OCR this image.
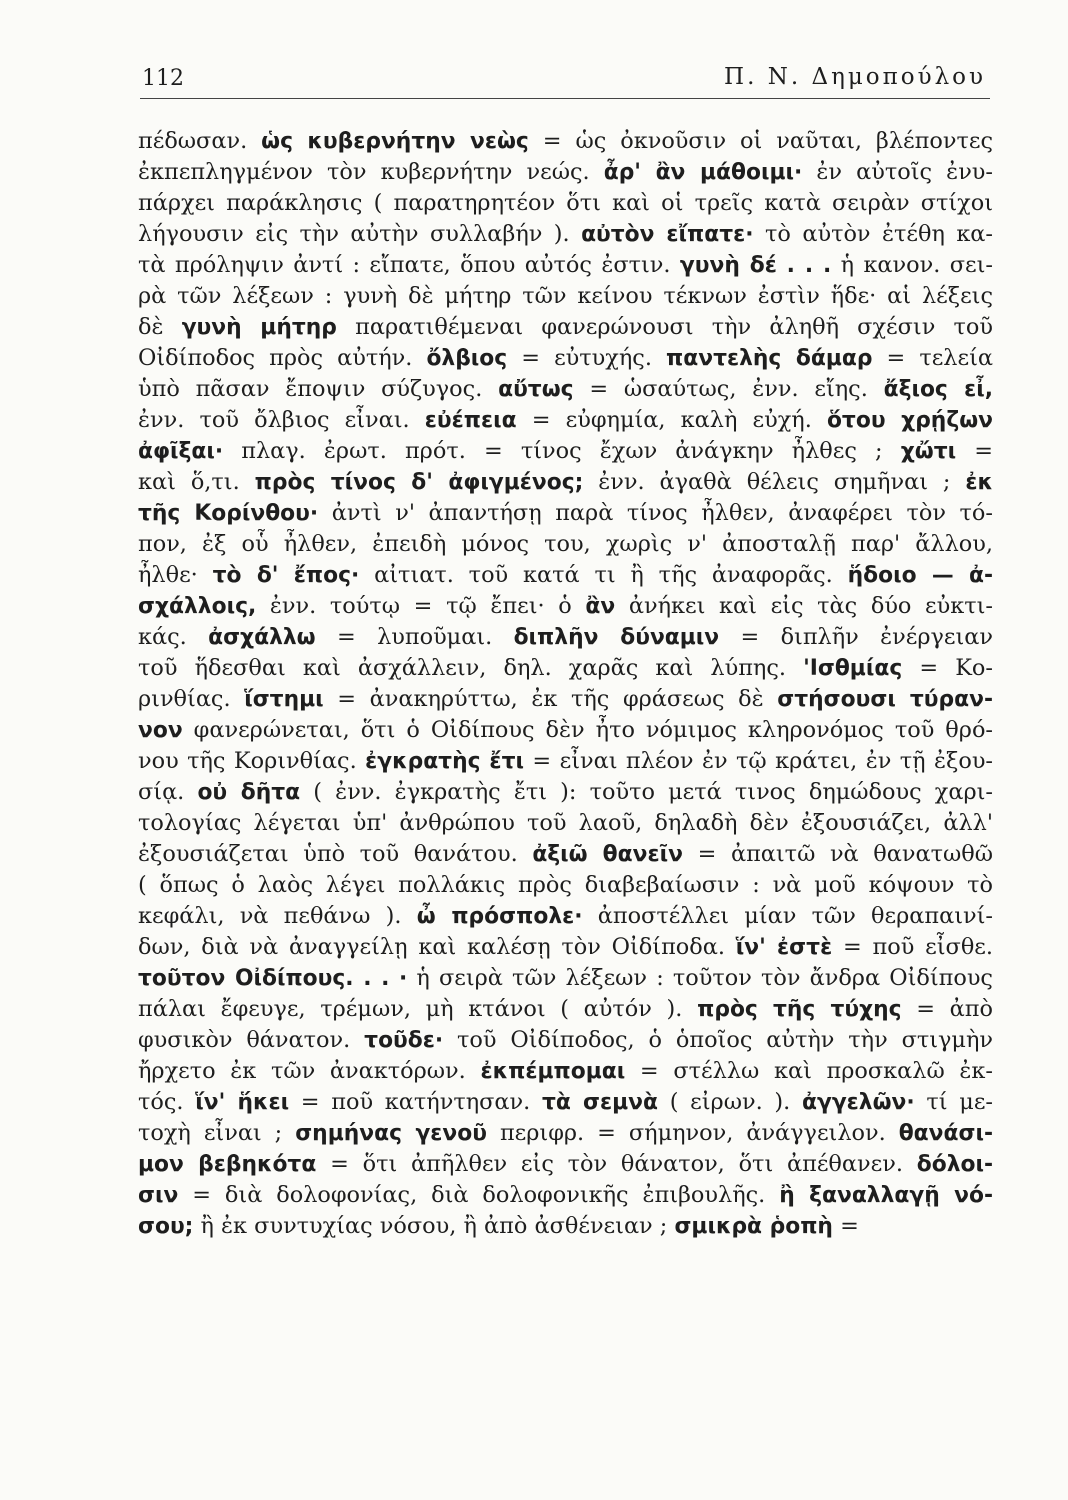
112	Π. Ν. Δημοπούλου
πέδωσαν. ὡς κυβερνήτην νεὼς = ὡς ὀκνοῦσιν οἱ ναῦται, βλέποντες
ἐκπεπληγμένον τὸν κυβερνήτην νεώς. ἆρ' ἂν μάθοιμι· ἐν αὐτοῖς ἐνυ-
πάρχει παράκλησις ( παρατηρητέον ὅτι καὶ οἱ τρεῖς κατὰ σειρὰν στίχοι
λήγουσιν εἰς τὴν αὐτὴν συλλαβήν ). αὐτὸν εἴπατε· τὸ αὐτὸν ἐτέθη κα-
τὰ πρόληψιν ἀντί : εἴπατε, ὅπου αὐτός ἐστιν. γυνὴ δέ . . . ἡ κανον. σει-
ρὰ τῶν λέξεων : γυνὴ δὲ μήτηρ τῶν κείνου τέκνων ἐστὶν ἥδε· αἱ λέξεις
δὲ γυνὴ μήτηρ παρατιθέμεναι φανερώνουσι τὴν ἀληθῆ σχέσιν τοῦ
Οἰδίποδος πρὸς αὐτήν. ὄλβιος = εὐτυχής. παντελὴς δάμαρ = τελεία
ὑπὸ πᾶσαν ἔποψιν σύζυγος. αὔτως = ὡσαύτως, ἐνν. εἴης. ἄξιος εἶ,
ἐνν. τοῦ ὄλβιος εἶναι. εὐέπεια = εὐφημία, καλὴ εὐχή. ὅτου χρῄζων
ἀφῖξαι· πλαγ. ἐρωτ. πρότ. = τίνος ἔχων ἀνάγκην ἦλθες ; χὤτι =
καὶ ὅ,τι. πρὸς τίνος δ' ἀφιγμένος; ἐνν. ἀγαθὰ θέλεις σημῆναι ; ἐκ
τῆς Κορίνθου· ἀντὶ ν' ἀπαντήσῃ παρὰ τίνος ἦλθεν, ἀναφέρει τὸν τό-
πον, ἐξ οὗ ἦλθεν, ἐπειδὴ μόνος του, χωρὶς ν' ἀποσταλῇ παρ' ἄλλου,
ἦλθε· τὸ δ' ἔπος· αἰτιατ. τοῦ κατά τι ἢ τῆς ἀναφορᾶς. ἥδοιο — ἀ-
σχάλλοις, ἐνν. τούτῳ = τῷ ἔπει· ὁ ἂν ἀνήκει καὶ εἰς τὰς δύο εὐκτι-
κάς. ἀσχάλλω = λυποῦμαι. διπλῆν δύναμιν = διπλῆν ἐνέργειαν
τοῦ ἥδεσθαι καὶ ἀσχάλλειν, δηλ. χαρᾶς καὶ λύπης. 'Ισθμίας = Κο-
ρινθίας. ἵστημι = ἀνακηρύττω, ἐκ τῆς φράσεως δὲ στήσουσι τύραν-
νον φανερώνεται, ὅτι ὁ Οἰδίπους δὲν ἦτο νόμιμος κληρονόμος τοῦ θρό-
νου τῆς Κορινθίας. ἐγκρατὴς ἔτι = εἶναι πλέον ἐν τῷ κράτει, ἐν τῇ ἐξου-
σίᾳ. οὐ δῆτα ( ἐνν. ἐγκρατὴς ἔτι ): τοῦτο μετά τινος δημώδους χαρι-
τολογίας λέγεται ὑπ' ἀνθρώπου τοῦ λαοῦ, δηλαδὴ δὲν ἐξουσιάζει, ἀλλ'
ἐξουσιάζεται ὑπὸ τοῦ θανάτου. ἀξιῶ θανεῖν = ἀπαιτῶ νὰ θανατωθῶ
( ὅπως ὁ λαὸς λέγει πολλάκις πρὸς διαβεβαίωσιν : νὰ μοῦ κόψουν τὸ
κεφάλι, νὰ πεθάνω ). ὦ πρόσπολε· ἀποστέλλει μίαν τῶν θεραπαινί-
δων, διὰ νὰ ἀναγγείλῃ καὶ καλέσῃ τὸν Οἰδίποδα. ἵν' ἐστὲ = ποῦ εἶσθε.
τοῦτον Οἰδίπους. . . · ἡ σειρὰ τῶν λέξεων : τοῦτον τὸν ἄνδρα Οἰδίπους
πάλαι ἔφευγε, τρέμων, μὴ κτάνοι ( αὐτόν ). πρὸς τῆς τύχης = ἀπὸ
φυσικὸν θάνατον. τοῦδε· τοῦ Οἰδίποδος, ὁ ὁποῖος αὐτὴν τὴν στιγμὴν
ἤρχετο ἐκ τῶν ἀνακτόρων. ἐκπέμπομαι = στέλλω καὶ προσκαλῶ ἐκ-
τός. ἵν' ἥκει = ποῦ κατήντησαν. τὰ σεμνὰ ( εἰρων. ). ἀγγελῶν· τί με-
τοχὴ εἶναι ; σημήνας γενοῦ περιφρ. = σήμηνον, ἀνάγγειλον. θανάσι-
μον βεβηκότα = ὅτι ἀπῆλθεν εἰς τὸν θάνατον, ὅτι ἀπέθανεν. δόλοι-
σιν = διὰ δολοφονίας, διὰ δολοφονικῆς ἐπιβουλῆς. ἢ ξαναλλαγῇ νό-
σου; ἢ ἐκ συντυχίας νόσου, ἢ ἀπὸ ἀσθένειαν ; σμικρὰ ῥοπὴ =
